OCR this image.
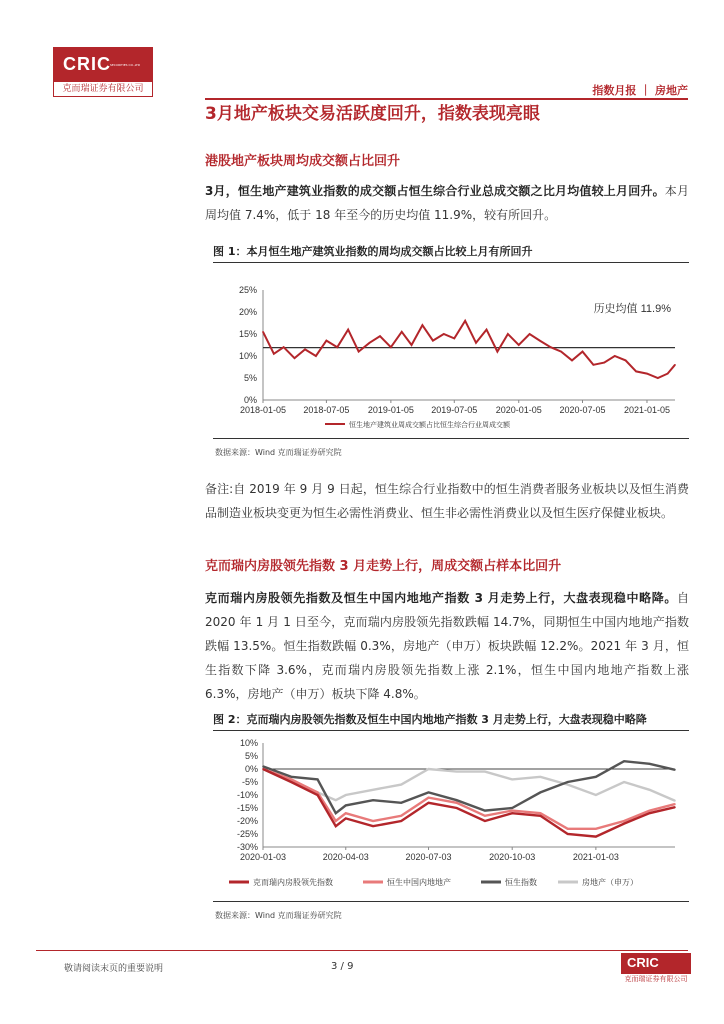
CRIC SECURITIES CO.,LTD
克而瑞证券有限公司	指数月报 ｜ 房地产
3月地产板块交易活跃度回升，指数表现亮眼
港股地产板块周均成交额占比回升
3月，恒生地产建筑业指数的成交额占恒生综合行业总成交额之比月均值较上月回升。本月周均值 7.4%，低于 18 年至今的历史均值 11.9%，较有所回升。
图 1：本月恒生地产建筑业指数的周均成交额占比较上月有所回升
0%
5%
10%
15%
20%
25%
2018-01-05 2018-07-05 2019-01-05 2019-07-05 2020-01-05 2020-07-05 2021-01-05
历史均值 11.9%
恒生地产建筑业周成交额占比恒生综合行业周成交额
数据来源：Wind 克而瑞证券研究院
备注:自 2019 年 9 月 9 日起，恒生综合行业指数中的恒生消费者服务业板块以及恒生消费品制造业板块变更为恒生必需性消费业、恒生非必需性消费业以及恒生医疗保健业板块。
克而瑞内房股领先指数 3 月走势上行，周成交额占样本比回升
克而瑞内房股领先指数及恒生中国内地地产指数 3 月走势上行，大盘表现稳中略降。自 2020 年 1 月 1 日至今，克而瑞内房股领先指数跌幅 14.7%，同期恒生中国内地地产指数跌幅 13.5%。恒生指数跌幅 0.3%，房地产（申万）板块跌幅 12.2%。2021 年 3 月，恒生指数下降 3.6%，克而瑞内房股领先指数上涨 2.1%，恒生中国内地地产指数上涨 6.3%，房地产（申万）板块下降 4.8%。
图 2：克而瑞内房股领先指数及恒生中国内地地产指数 3 月走势上行，大盘表现稳中略降
-30%
-25%
-20%
-15%
-10%
-5%
0%
5%
10%
2020-01-03	2020-04-03	2020-07-03	2020-10-03	2021-01-03
克而瑞内房股领先指数	恒生中国内地地产	恒生指数	房地产（申万）
数据来源：Wind 克而瑞证券研究院
敬请阅读末页的重要说明	3 / 9	CRIC
克而瑞证券有限公司
